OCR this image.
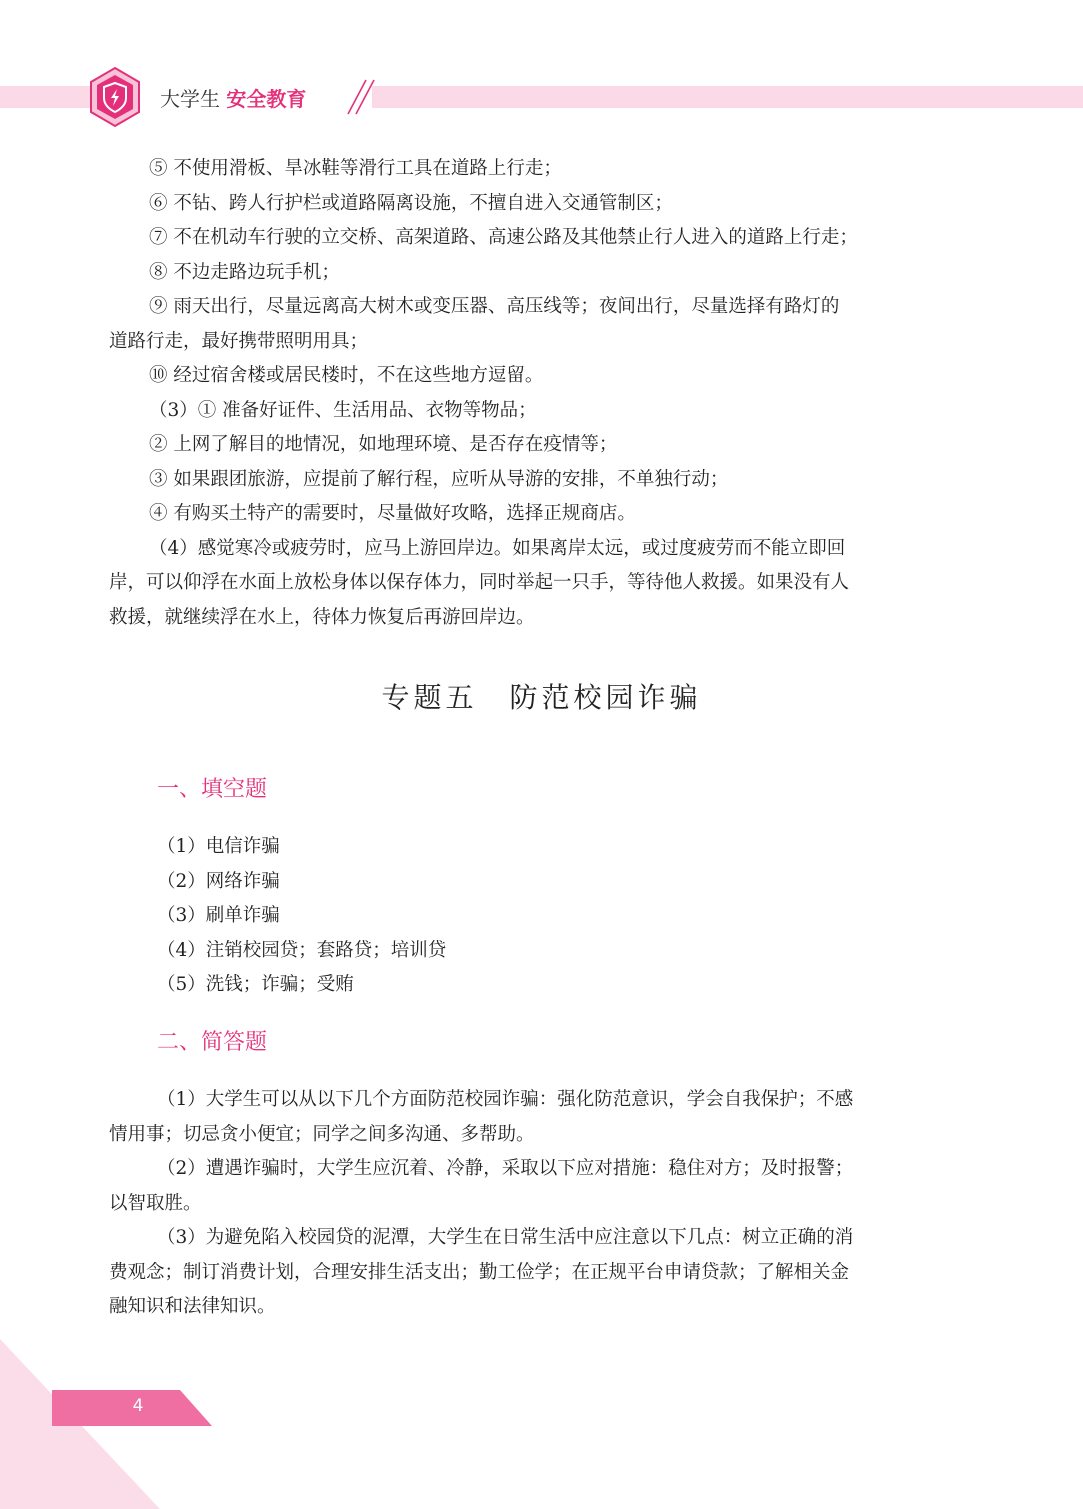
大学生 安全教育

⑤ 不使用滑板、旱冰鞋等滑行工具在道路上行走；

⑥ 不钻、跨人行护栏或道路隔离设施，不擅自进入交通管制区；

⑦ 不在机动车行驶的立交桥、高架道路、高速公路及其他禁止行人进入的道路上行走；

⑧ 不边走路边玩手机；

⑨ 雨天出行，尽量远离高大树木或变压器、高压线等；夜间出行，尽量选择有路灯的

道路行走，最好携带照明用具；

⑩ 经过宿舍楼或居民楼时，不在这些地方逗留。

（3）① 准备好证件、生活用品、衣物等物品；

② 上网了解目的地情况，如地理环境、是否存在疫情等；

③ 如果跟团旅游，应提前了解行程，应听从导游的安排，不单独行动；

④ 有购买土特产的需要时，尽量做好攻略，选择正规商店。

（4）感觉寒冷或疲劳时，应马上游回岸边。如果离岸太远，或过度疲劳而不能立即回

岸，可以仰浮在水面上放松身体以保存体力，同时举起一只手，等待他人救援。如果没有人

救援，就继续浮在水上，待体力恢复后再游回岸边。

专题五　防范校园诈骗
一、填空题

（1）电信诈骗

（2）网络诈骗

（3）刷单诈骗

（4）注销校园贷；套路贷；培训贷

（5）洗钱；诈骗；受贿

二、简答题

（1）大学生可以从以下几个方面防范校园诈骗：强化防范意识，学会自我保护；不感

情用事；切忌贪小便宜；同学之间多沟通、多帮助。

（2）遭遇诈骗时，大学生应沉着、冷静，采取以下应对措施：稳住对方；及时报警；

以智取胜。

（3）为避免陷入校园贷的泥潭，大学生在日常生活中应注意以下几点：树立正确的消

费观念；制订消费计划，合理安排生活支出；勤工俭学；在正规平台申请贷款；了解相关金

融知识和法律知识。

4
